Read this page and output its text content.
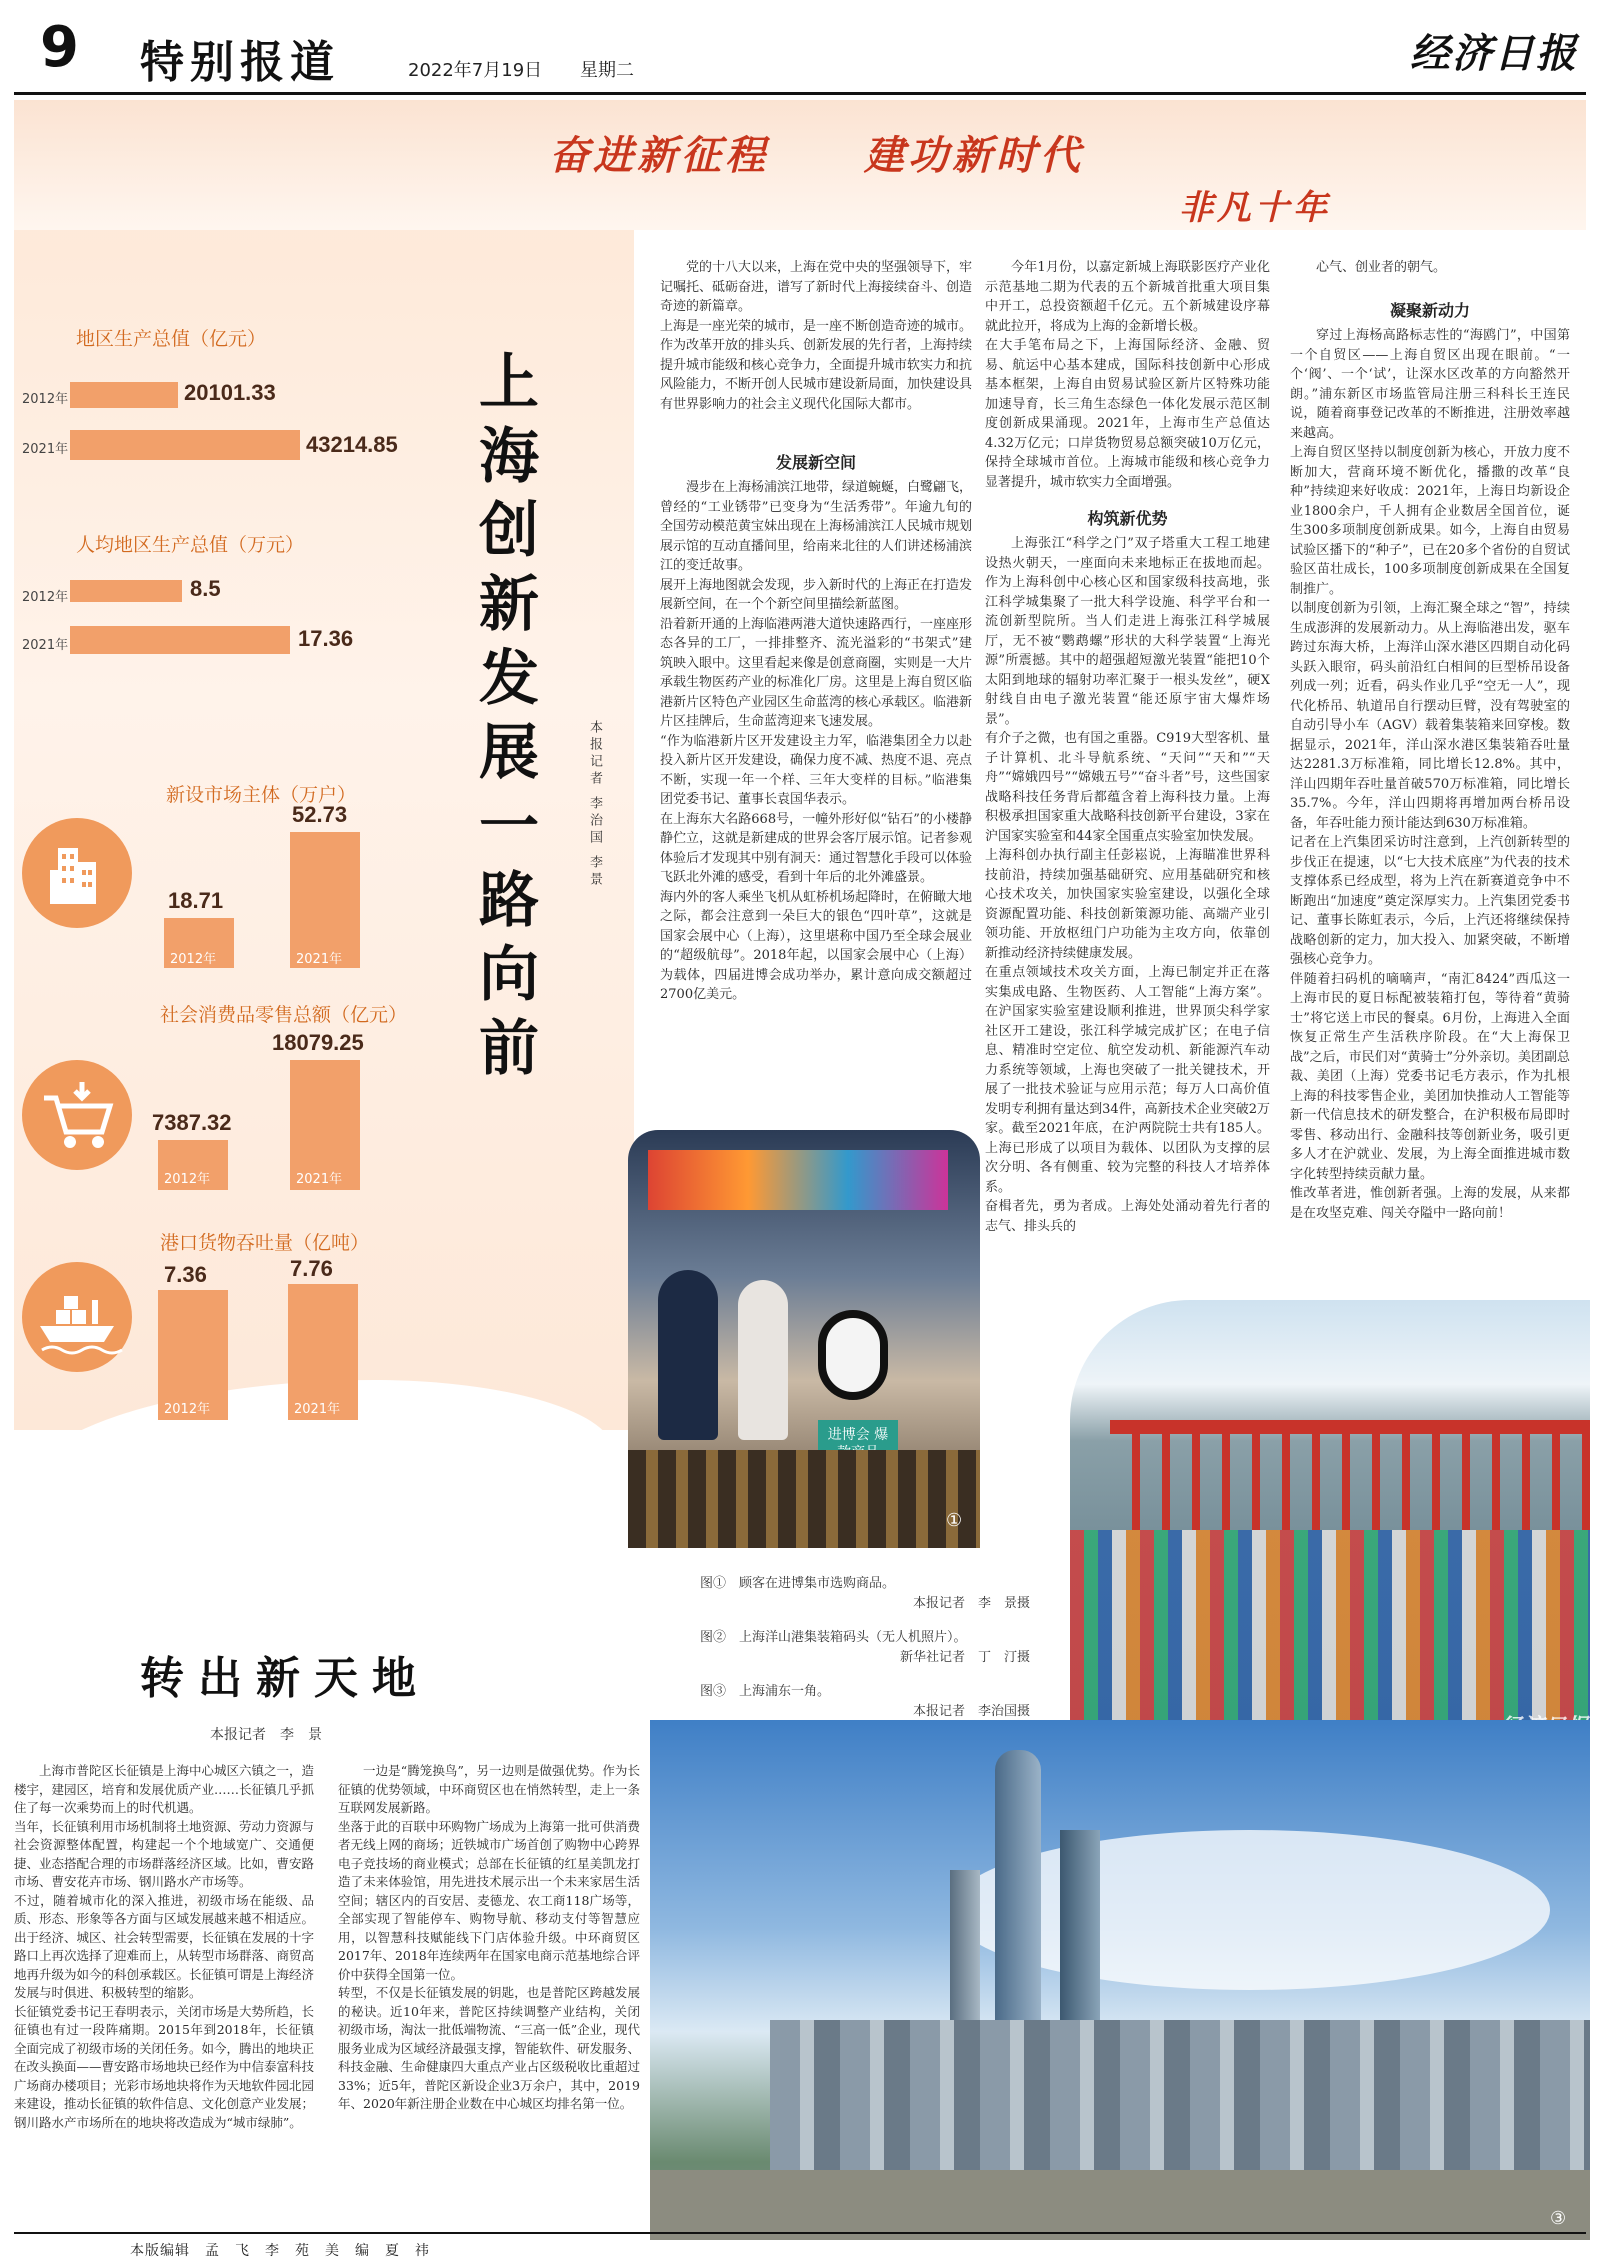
9 特别报道	2022年7月19日 星期二	经济日报
奋进新征程 建功新时代
非凡十年
地区生产总值（亿元）
2012年	20101.33
2021年	43214.85
人均地区生产总值（万元）
2012年	8.5
2021年	17.36
新设市场主体（万户）
18.71
2012年
52.73
2021年
社会消费品零售总额（亿元）
7387.32
2012年
18079.25
2021年
港口货物吞吐量（亿吨）
7.36
2012年
7.76
2021年
上海创新发展一路向前	本报记者 李治国 李景

党的十八大以来，上海在党中央的坚强领导下，牢记嘱托、砥砺奋进，谱写了新时代上海接续奋斗、创造奇迹的新篇章。
上海是一座光荣的城市，是一座不断创造奇迹的城市。作为改革开放的排头兵、创新发展的先行者，上海持续提升城市能级和核心竞争力，全面提升城市软实力和抗风险能力，不断开创人民城市建设新局面，加快建设具有世界影响力的社会主义现代化国际大都市。

发展新空间

漫步在上海杨浦滨江地带，绿道蜿蜒，白鹭翩飞，曾经的“工业锈带”已变身为“生活秀带”。年逾九旬的全国劳动模范黄宝妹出现在上海杨浦滨江人民城市规划展示馆的互动直播间里，给南来北往的人们讲述杨浦滨江的变迁故事。
展开上海地图就会发现，步入新时代的上海正在打造发展新空间，在一个个新空间里描绘新蓝图。
沿着新开通的上海临港两港大道快速路西行，一座座形态各异的工厂，一排排整齐、流光溢彩的“书架式”建筑映入眼中。这里看起来像是创意商圈，实则是一大片承载生物医药产业的标准化厂房。这里是上海自贸区临港新片区特色产业园区生命蓝湾的核心承载区。临港新片区挂牌后，生命蓝湾迎来飞速发展。
“作为临港新片区开发建设主力军，临港集团全力以赴投入新片区开发建设，确保力度不减、热度不退、亮点不断，实现一年一个样、三年大变样的目标。”临港集团党委书记、董事长袁国华表示。
在上海东大名路668号，一幢外形好似“钻石”的小楼静静伫立，这就是新建成的世界会客厅展示馆。记者参观体验后才发现其中别有洞天：通过智慧化手段可以体验飞跃北外滩的感受，看到十年后的北外滩盛景。
海内外的客人乘坐飞机从虹桥机场起降时，在俯瞰大地之际，都会注意到一朵巨大的银色“四叶草”，这就是国家会展中心（上海），这里堪称中国乃至全球会展业的“超级航母”。2018年起，以国家会展中心（上海）为载体，四届进博会成功举办，累计意向成交额超过2700亿美元。

今年1月份，以嘉定新城上海联影医疗产业化示范基地二期为代表的五个新城首批重大项目集中开工，总投资额超千亿元。五个新城建设序幕就此拉开，将成为上海的金新增长极。
在大手笔布局之下，上海国际经济、金融、贸易、航运中心基本建成，国际科技创新中心形成基本框架，上海自由贸易试验区新片区特殊功能加速导育，长三角生态绿色一体化发展示范区制度创新成果涌现。2021年，上海市生产总值达4.32万亿元；口岸货物贸易总额突破10万亿元，保持全球城市首位。上海城市能级和核心竞争力显著提升，城市软实力全面增强。

构筑新优势

上海张江“科学之门”双子塔重大工程工地建设热火朝天，一座面向未来地标正在拔地而起。作为上海科创中心核心区和国家级科技高地，张江科学城集聚了一批大科学设施、科学平台和一流创新型院所。当人们走进上海张江科学城展厅，无不被“鹦鹉螺”形状的大科学装置“上海光源”所震撼。其中的超强超短激光装置“能把10个太阳到地球的辐射功率汇聚于一根头发丝”，硬X射线自由电子激光装置“能还原宇宙大爆炸场景”。
有介子之微，也有国之重器。C919大型客机、量子计算机、北斗导航系统、“天问”“天和”“天舟”“嫦娥四号”“嫦娥五号”“奋斗者”号，这些国家战略科技任务背后都蕴含着上海科技力量。上海积极承担国家重大战略科技创新平台建设，3家在沪国家实验室和44家全国重点实验室加快发展。
上海科创办执行副主任彭崧说，上海瞄准世界科技前沿，持续加强基础研究、应用基础研究和核心技术攻关，加快国家实验室建设，以强化全球资源配置功能、科技创新策源功能、高端产业引领功能、开放枢纽门户功能为主攻方向，依靠创新推动经济持续健康发展。
在重点领域技术攻关方面，上海已制定并正在落实集成电路、生物医药、人工智能“上海方案”。在沪国家实验室建设顺利推进，世界顶尖科学家社区开工建设，张江科学城完成扩区；在电子信息、精准时空定位、航空发动机、新能源汽车动力系统等领域，上海也突破了一批关键技术，开展了一批技术验证与应用示范；每万人口高价值发明专利拥有量达到34件，高新技术企业突破2万家。截至2021年底，在沪两院院士共有185人。上海已形成了以项目为载体、以团队为支撑的层次分明、各有侧重、较为完整的科技人才培养体系。
奋楫者先，勇为者成。上海处处涌动着先行者的志气、排头兵的

心气、创业者的朝气。

凝聚新动力

穿过上海杨高路标志性的“海鸥门”，中国第一个自贸区——上海自贸区出现在眼前。“一个‘阀’、一个‘试’，让深水区改革的方向豁然开朗。”浦东新区市场监管局注册三科科长王连民说，随着商事登记改革的不断推进，注册效率越来越高。
上海自贸区坚持以制度创新为核心，开放力度不断加大，营商环境不断优化，播撒的改革“良种”持续迎来好收成：2021年，上海日均新设企业1800余户，千人拥有企业数居全国首位，诞生300多项制度创新成果。如今，上海自由贸易试验区播下的“种子”，已在20多个省份的自贸试验区苗壮成长，100多项制度创新成果在全国复制推广。
以制度创新为引领，上海汇聚全球之“智”，持续生成澎湃的发展新动力。从上海临港出发，驱车跨过东海大桥，上海洋山深水港区四期自动化码头跃入眼帘，码头前沿红白相间的巨型桥吊设备列成一列；近看，码头作业几乎“空无一人”，现代化桥吊、轨道吊自行摆动巨臂，没有驾驶室的自动引导小车（AGV）载着集装箱来回穿梭。数据显示，2021年，洋山深水港区集装箱吞吐量达2281.3万标准箱，同比增长12.8%。其中，洋山四期年吞吐量首破570万标准箱，同比增长35.7%。今年，洋山四期将再增加两台桥吊设备，年吞吐能力预计能达到630万标准箱。
记者在上汽集团采访时注意到，上汽创新转型的步伐正在提速，以“七大技术底座”为代表的技术支撑体系已经成型，将为上汽在新赛道竞争中不断跑出“加速度”奠定深厚实力。上汽集团党委书记、董事长陈虹表示，今后，上汽还将继续保持战略创新的定力，加大投入、加紧突破，不断增强核心竞争力。
伴随着扫码机的嘀嘀声，“南汇8424”西瓜这一上海市民的夏日标配被装箱打包，等待着“黄骑士”将它送上市民的餐桌。6月份，上海进入全面恢复正常生产生活秩序阶段。在“大上海保卫战”之后，市民们对“黄骑士”分外亲切。美团副总裁、美团（上海）党委书记毛方表示，作为扎根上海的科技零售企业，美团加快推动人工智能等新一代信息技术的研发整合，在沪积极布局即时零售、移动出行、金融科技等创新业务，吸引更多人才在沪就业、发展，为上海全面推进城市数字化转型持续贡献力量。
惟改革者进，惟创新者强。上海的发展，从来都是在攻坚克难、闯关夺隘中一路向前！

进博会 爆
①
图①　顾客在进博集市选购商品。
本报记者　李　景摄
图②　上海洋山港集装箱码头（无人机照片）。
新华社记者　丁　汀摄
图③　上海浦东一角。
本报记者　李治国摄
③
转出新天地
本报记者　李　景

上海市普陀区长征镇是上海中心城区六镇之一，造楼宇，建园区，培育和发展优质产业……长征镇几乎抓住了每一次乘势而上的时代机遇。
当年，长征镇利用市场机制将土地资源、劳动力资源与社会资源整体配置，构建起一个个地域宽广、交通便捷、业态搭配合理的市场群落经济区域。比如，曹安路市场、曹安花卉市场、钢川路水产市场等。
不过，随着城市化的深入推进，初级市场在能级、品质、形态、形象等各方面与区域发展越来越不相适应。出于经济、城区、社会转型需要，长征镇在发展的十字路口上再次选择了迎难而上，从转型市场群落、商贸高地再升级为如今的科创承载区。长征镇可谓是上海经济发展与时俱进、积极转型的缩影。
长征镇党委书记王春明表示，关闭市场是大势所趋，长征镇也有过一段阵痛期。2015年到2018年，长征镇全面完成了初级市场的关闭任务。如今，腾出的地块正在改头换面——曹安路市场地块已经作为中信泰富科技广场商办楼项目；光彩市场地块将作为天地软件园北园来建设，推动长征镇的软件信息、文化创意产业发展；钢川路水产市场所在的地块将改造成为“城市绿肺”。

一边是“腾笼换鸟”，另一边则是做强优势。作为长征镇的优势领域，中环商贸区也在悄然转型，走上一条互联网发展新路。
坐落于此的百联中环购物广场成为上海第一批可供消费者无线上网的商场；近铁城市广场首创了购物中心跨界电子竞技场的商业模式；总部在长征镇的红星美凯龙打造了未来体验馆，用先进技术展示出一个未来家居生活空间；辖区内的百安居、麦德龙、农工商118广场等，全部实现了智能停车、购物导航、移动支付等智慧应用，以智慧科技赋能线下门店体验升级。中环商贸区2017年、2018年连续两年在国家电商示范基地综合评价中获得全国第一位。
转型，不仅是长征镇发展的钥匙，也是普陀区跨越发展的秘诀。近10年来，普陀区持续调整产业结构，关闭初级市场，淘汰一批低端物流、“三高一低”企业，现代服务业成为区域经济最强支撑，智能软件、研发服务、科技金融、生命健康四大重点产业占区级税收比重超过33%；近5年，普陀区新设企业3万余户，其中，2019年、2020年新注册企业数在中心城区均排名第一位。

本版编辑　孟　飞　李　苑　美　编　夏　祎
